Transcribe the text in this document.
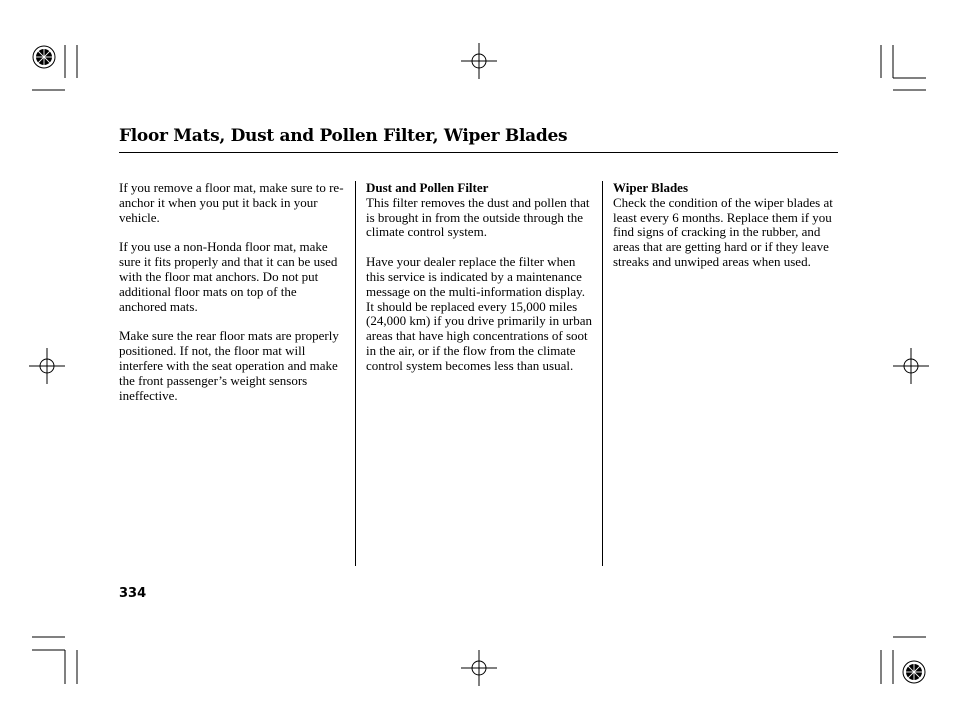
Floor Mats, Dust and Pollen Filter, Wiper Blades

If you remove a floor mat, make sure to re-anchor it when you put it back in your vehicle.

If you use a non-Honda floor mat, make sure it fits properly and that it can be used with the floor mat anchors. Do not put additional floor mats on top of the anchored mats.

Make sure the rear floor mats are properly positioned. If not, the floor mat will interfere with the seat operation and make the front passenger’s weight sensors ineffective.

Dust and Pollen Filter

This filter removes the dust and pollen that is brought in from the outside through the climate control system.

Have your dealer replace the filter when this service is indicated by a maintenance message on the multi-information display. It should be replaced every 15,000 miles (24,000 km) if you drive primarily in urban areas that have high concentrations of soot in the air, or if the flow from the climate control system becomes less than usual.

Wiper Blades

Check the condition of the wiper blades at least every 6 months. Replace them if you find signs of cracking in the rubber, and areas that are getting hard or if they leave streaks and unwiped areas when used.

334
